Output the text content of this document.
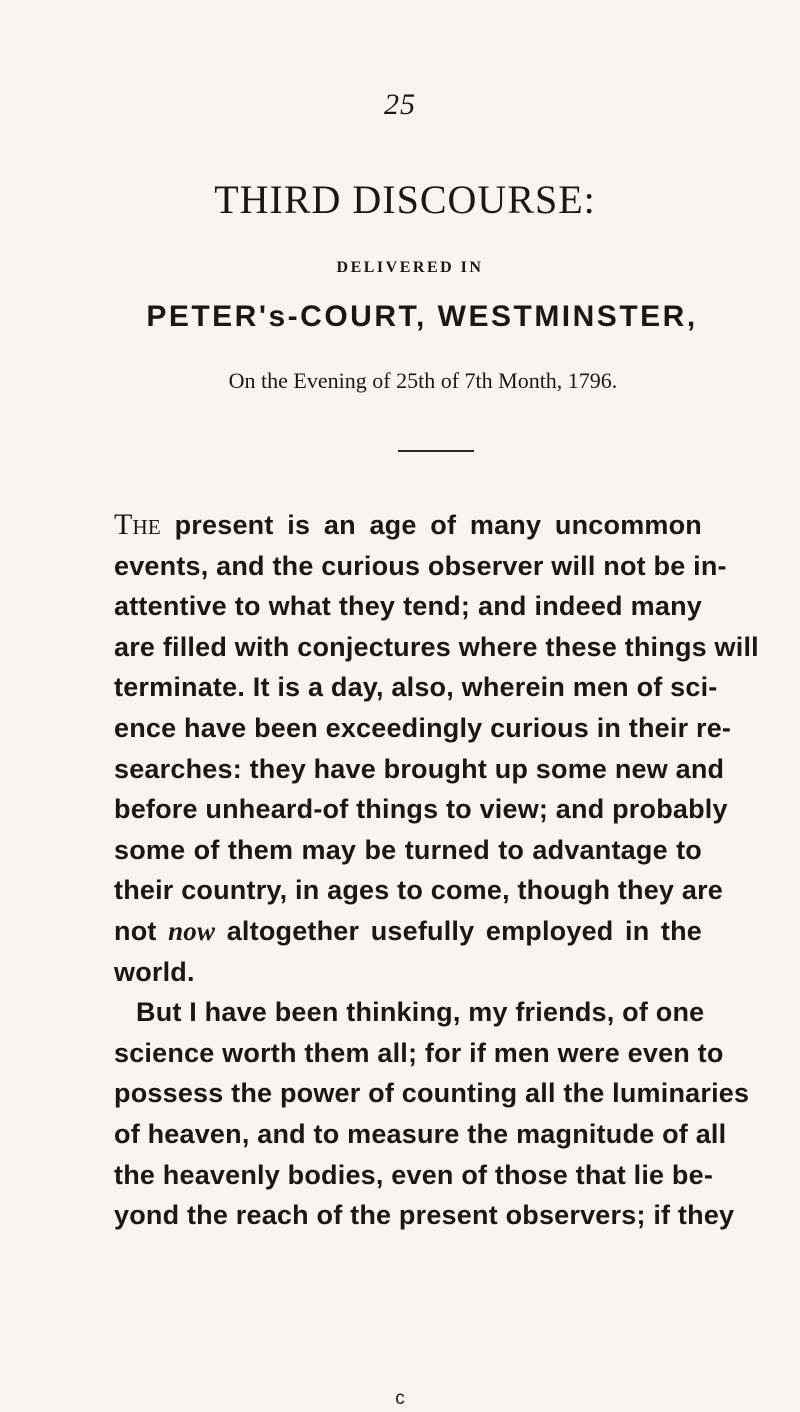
25
THIRD DISCOURSE:
DELIVERED IN
PETER's-COURT, WESTMINSTER,
On the Evening of 25th of 7th Month, 1796.
The present is an age of many uncommon
events, and the curious observer will not be in-
attentive to what they tend; and indeed many
are filled with conjectures where these things will
terminate. It is a day, also, wherein men of sci-
ence have been exceedingly curious in their re-
searches: they have brought up some new and
before unheard-of things to view; and probably
some of them may be turned to advantage to
their country, in ages to come, though they are
not now altogether usefully employed in the
world.
But I have been thinking, my friends, of one
science worth them all; for if men were even to
possess the power of counting all the luminaries
of heaven, and to measure the magnitude of all
the heavenly bodies, even of those that lie be-
yond the reach of the present observers; if they
c
